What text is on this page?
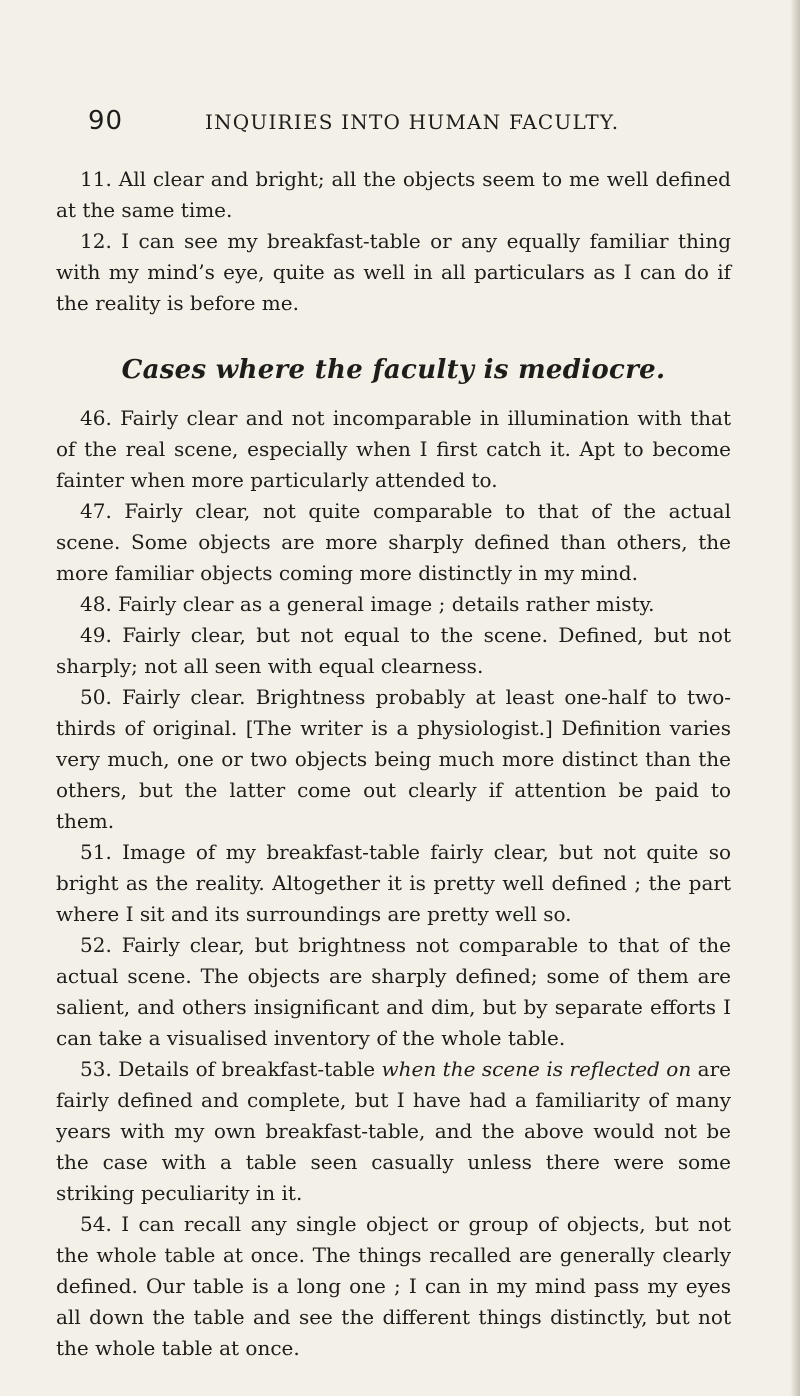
90	INQUIRIES INTO HUMAN FACULTY.

11. All clear and bright; all the objects seem to me well defined at the same time.

12. I can see my breakfast-table or any equally familiar thing with my mind’s eye, quite as well in all particulars as I can do if the reality is before me.

Cases where the faculty is mediocre.

46. Fairly clear and not incomparable in illumination with that of the real scene, especially when I first catch it. Apt to become fainter when more particularly attended to.

47. Fairly clear, not quite comparable to that of the actual scene. Some objects are more sharply defined than others, the more familiar objects coming more distinctly in my mind.

48. Fairly clear as a general image ; details rather misty.

49. Fairly clear, but not equal to the scene. Defined, but not sharply; not all seen with equal clearness.

50. Fairly clear. Brightness probably at least one-half to two-thirds of original. [The writer is a physiologist.] Definition varies very much, one or two objects being much more distinct than the others, but the latter come out clearly if attention be paid to them.

51. Image of my breakfast-table fairly clear, but not quite so bright as the reality. Altogether it is pretty well defined ; the part where I sit and its surroundings are pretty well so.

52. Fairly clear, but brightness not comparable to that of the actual scene. The objects are sharply defined; some of them are salient, and others insignificant and dim, but by separate efforts I can take a visualised inventory of the whole table.

53. Details of breakfast-table when the scene is reflected on are fairly defined and complete, but I have had a familiarity of many years with my own breakfast-table, and the above would not be the case with a table seen casually unless there were some striking peculiarity in it.

54. I can recall any single object or group of objects, but not the whole table at once. The things recalled are generally clearly defined. Our table is a long one ; I can in my mind pass my eyes all down the table and see the different things distinctly, but not the whole table at once.
